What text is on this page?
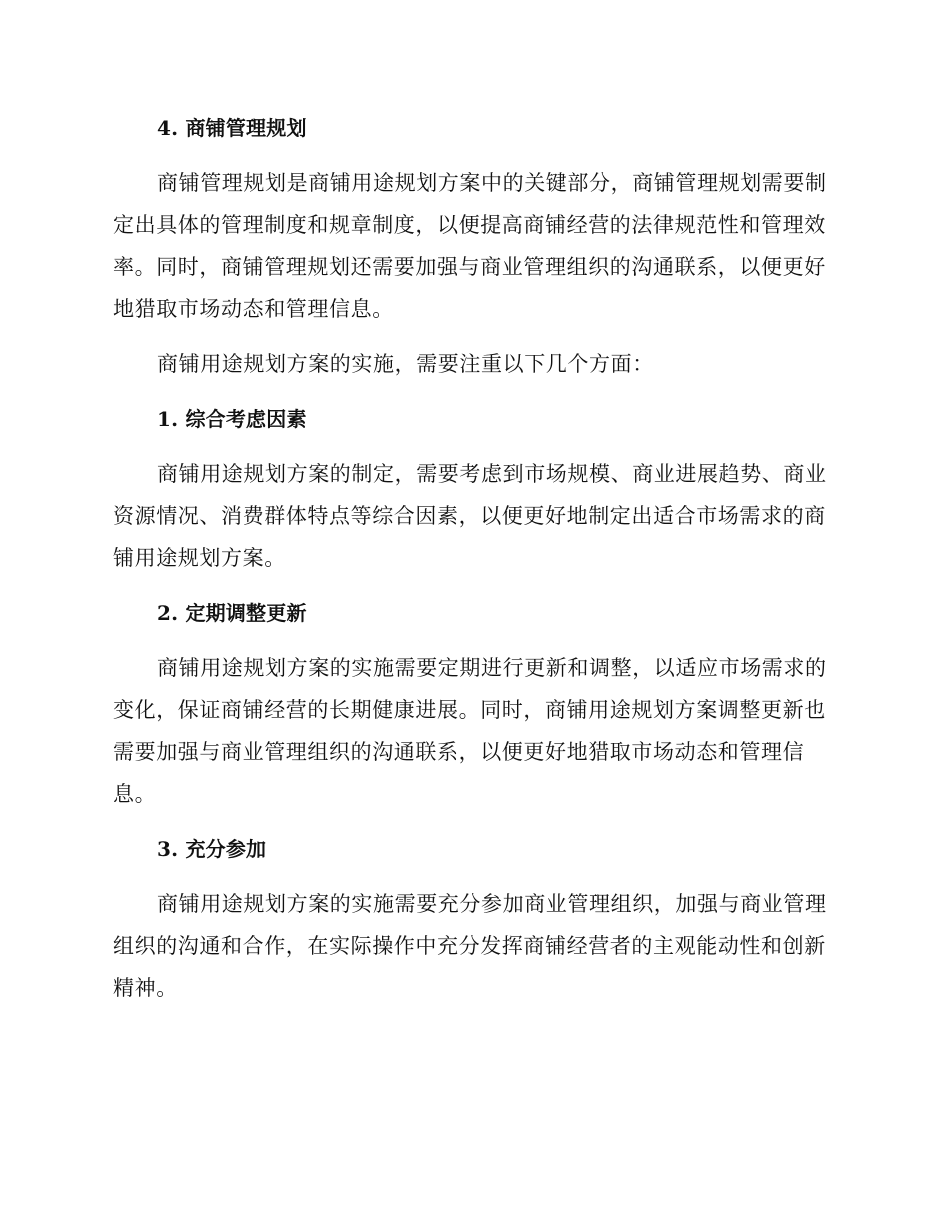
4. 商铺管理规划
商铺管理规划是商铺用途规划方案中的关键部分，商铺管理规划需要制
定出具体的管理制度和规章制度，以便提高商铺经营的法律规范性和管理效
率。同时，商铺管理规划还需要加强与商业管理组织的沟通联系，以便更好
地猎取市场动态和管理信息。
商铺用途规划方案的实施，需要注重以下几个方面：
1. 综合考虑因素
商铺用途规划方案的制定，需要考虑到市场规模、商业进展趋势、商业
资源情况、消费群体特点等综合因素，以便更好地制定出适合市场需求的商
铺用途规划方案。
2. 定期调整更新
商铺用途规划方案的实施需要定期进行更新和调整，以适应市场需求的
变化，保证商铺经营的长期健康进展。同时，商铺用途规划方案调整更新也
需要加强与商业管理组织的沟通联系，以便更好地猎取市场动态和管理信
息。
3. 充分参加
商铺用途规划方案的实施需要充分参加商业管理组织，加强与商业管理
组织的沟通和合作，在实际操作中充分发挥商铺经营者的主观能动性和创新
精神。
